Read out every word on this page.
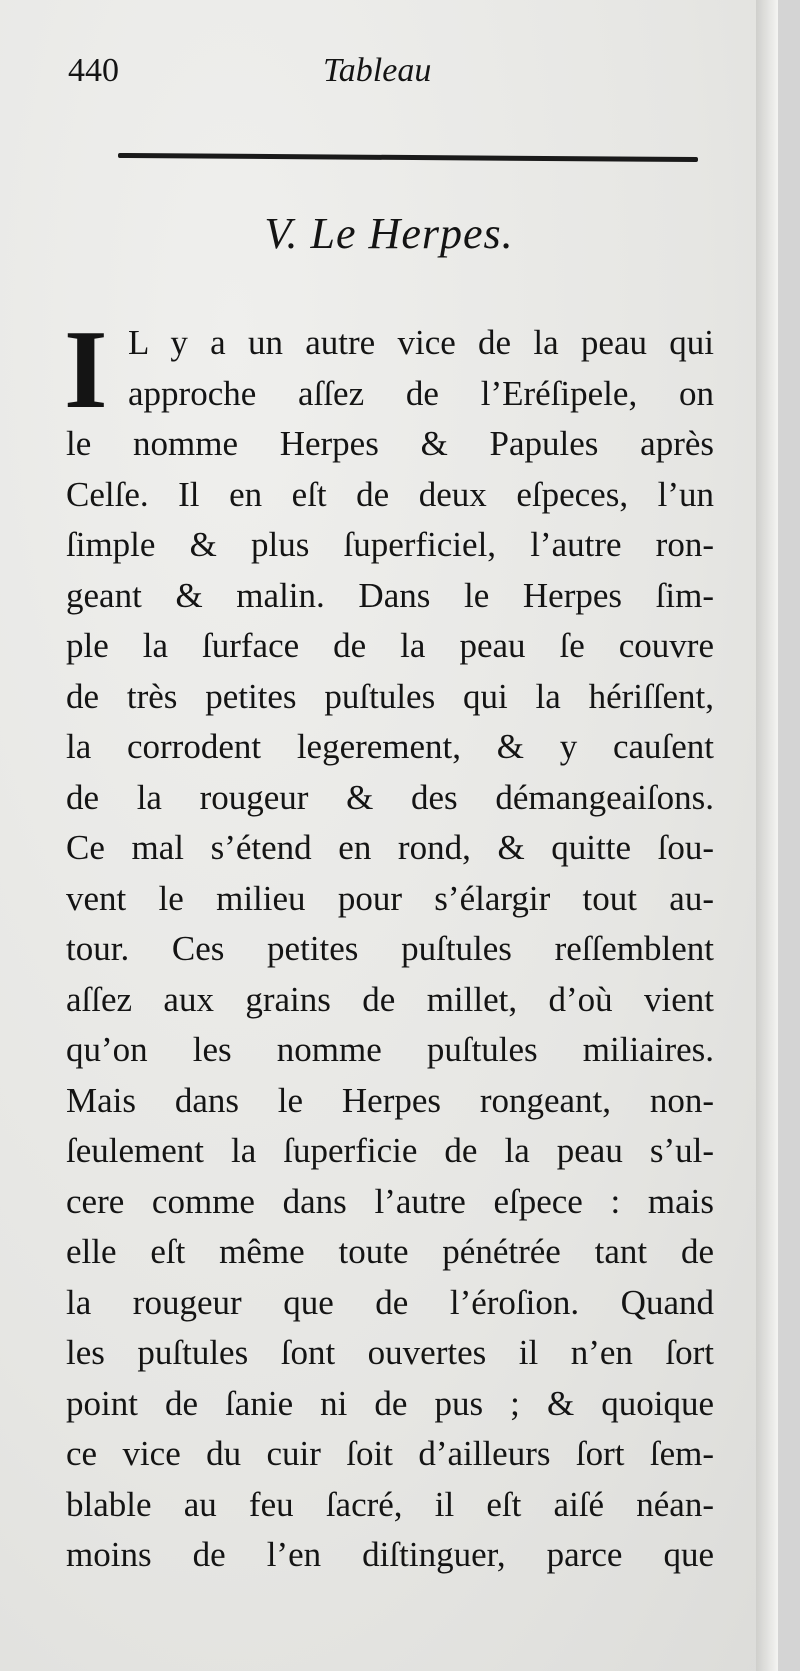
440	Tableau
V. Le Herpes.
I L y a un autre vice de la peau qui
approche aſſez de l’Eréſipele, on
le nomme Herpes & Papules après
Celſe. Il en eſt de deux eſpeces, l’un
ſimple & plus ſuperficiel, l’autre ron-
geant & malin. Dans le Herpes ſim-
ple la ſurface de la peau ſe couvre
de très petites puſtules qui la hériſſent,
la corrodent legerement, & y cauſent
de la rougeur & des démangeaiſons.
Ce mal s’étend en rond, & quitte ſou-
vent le milieu pour s’élargir tout au-
tour. Ces petites puſtules reſſemblent
aſſez aux grains de millet, d’où vient
qu’on les nomme puſtules miliaires.
Mais dans le Herpes rongeant, non-
ſeulement la ſuperficie de la peau s’ul-
cere comme dans l’autre eſpece : mais
elle eſt même toute pénétrée tant de
la rougeur que de l’éroſion. Quand
les puſtules ſont ouvertes il n’en ſort
point de ſanie ni de pus ; & quoique
ce vice du cuir ſoit d’ailleurs ſort ſem-
blable au feu ſacré, il eſt aiſé néan-
moins de l’en diſtinguer, parce que
